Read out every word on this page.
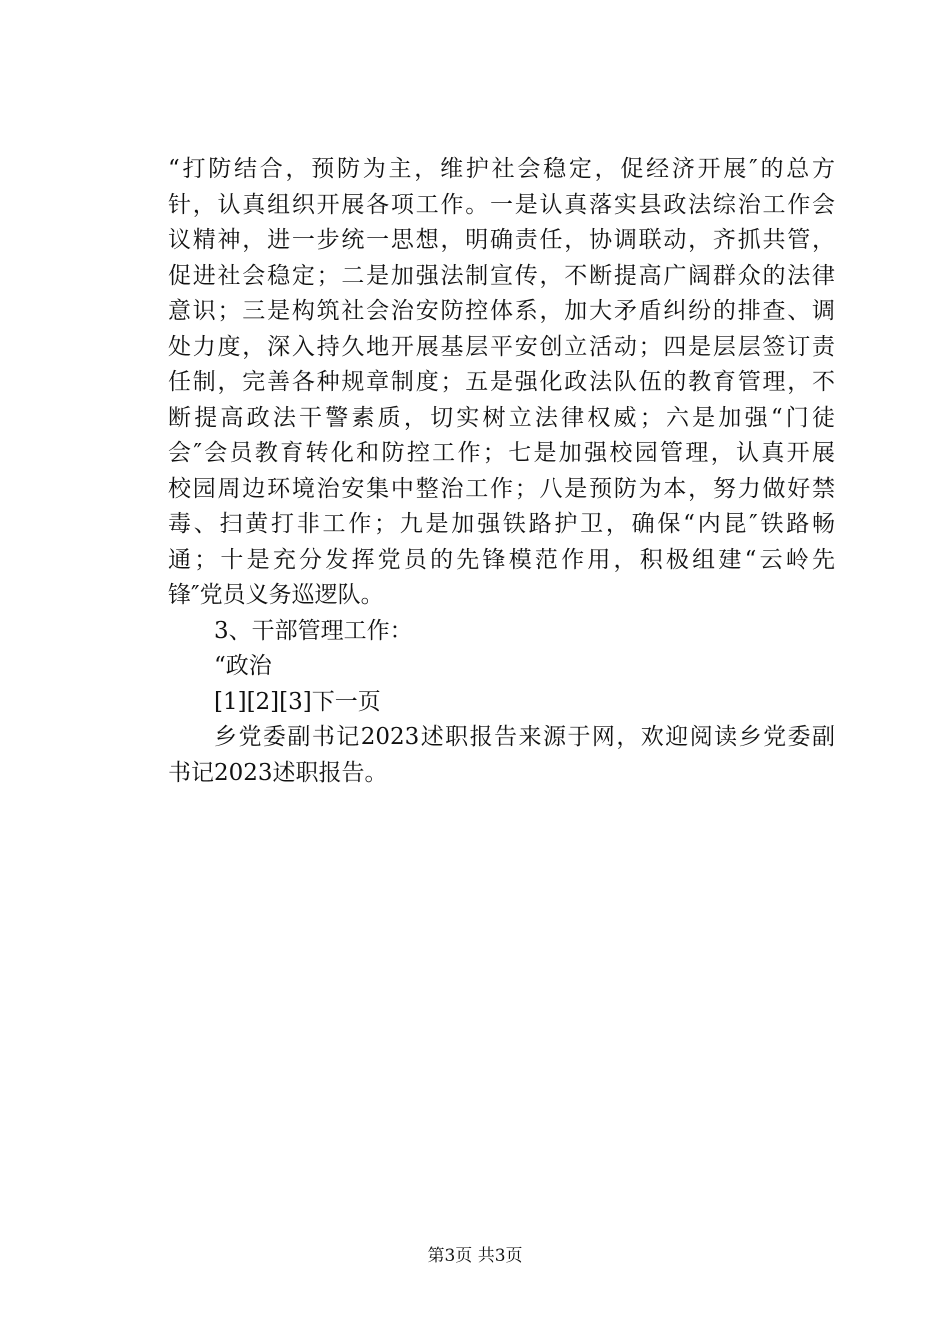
“打防结合，预防为主，维护社会稳定，促经济开展″的总方
针，认真组织开展各项工作。一是认真落实县政法综治工作会
议精神，进一步统一思想，明确责任，协调联动，齐抓共管，
促进社会稳定；二是加强法制宣传，不断提高广阔群众的法律
意识；三是构筑社会治安防控体系，加大矛盾纠纷的排查、调
处力度，深入持久地开展基层平安创立活动；四是层层签订责
任制，完善各种规章制度；五是强化政法队伍的教育管理，不
断提高政法干警素质，切实树立法律权威；六是加强“门徒
会″会员教育转化和防控工作；七是加强校园管理，认真开展
校园周边环境治安集中整治工作；八是预防为本，努力做好禁
毒、扫黄打非工作；九是加强铁路护卫，确保“内昆″铁路畅
通；十是充分发挥党员的先锋模范作用，积极组建“云岭先
锋″党员义务巡逻队。
3、干部管理工作：
“政治
[1][2][3]下一页
乡党委副书记2023述职报告来源于网，欢迎阅读乡党委副
书记2023述职报告。
第3页 共3页
